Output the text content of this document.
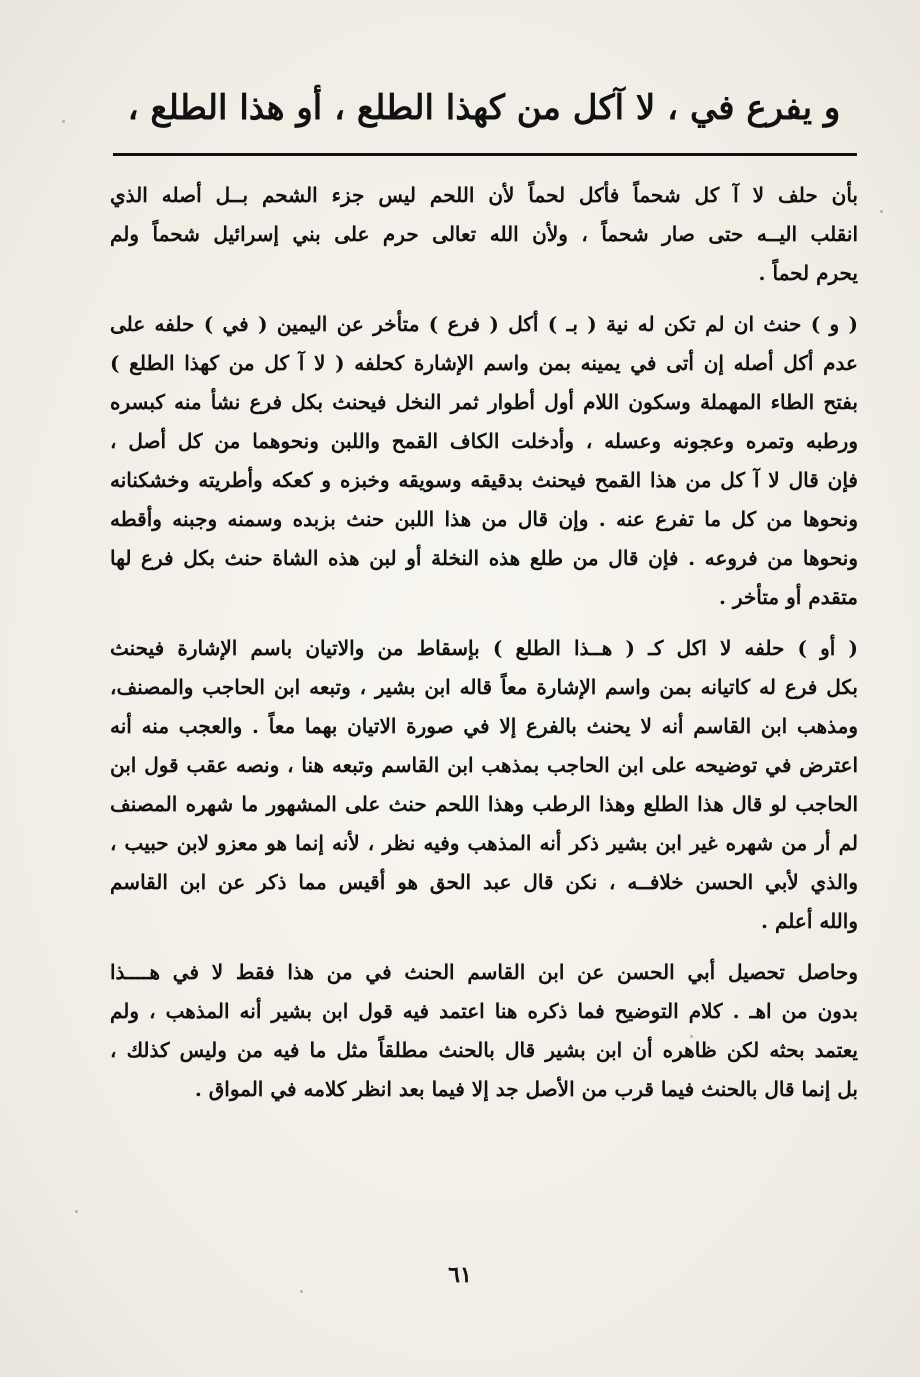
و يفرع في ، لا آكل من كهذا الطلع ، أو هذا الطلع ،
بأن حلف لا آ كل شحماً فأكل لحماً لأن اللحم ليس جزء الشحم بــل أصله الذي
انقلب اليــه حتى صار شحماً ، ولأن الله تعالى حرم على بني إسرائيل شحماً ولم
يحرم لحماً .
( و ) حنث ان لم تكن له نية ( بـ ) أكل ( فرع ) متأخر عن اليمين ( في ) حلفه على
عدم أكل أصله إن أتى في يمينه بمن واسم الإشارة كحلفه ( لا آ كل من كهذا الطلع )
بفتح الطاء المهملة وسكون اللام أول أطوار ثمر النخل فيحنث بكل فرع نشأ منه كبسره
ورطبه وتمره وعجونه وعسله ، وأدخلت الكاف القمح واللبن ونحوهما من كل أصل ،
فإن قال لا آ كل من هذا القمح فيحنث بدقيقه وسويقه وخبزه و كعكه وأطريته وخشكنانه
ونحوها من كل ما تفرع عنه . وإن قال من هذا اللبن حنث بزبده وسمنه وجبنه وأقطه
ونحوها من فروعه . فإن قال من طلع هذه النخلة أو لبن هذه الشاة حنث بكل فرع لها
متقدم أو متأخر .
( أو ) حلفه لا اكل كـ ( هــذا الطلع ) بإسقاط من والاتيان باسم الإشارة فيحنث
بكل فرع له كاتيانه بمن واسم الإشارة معاً قاله ابن بشير ، وتبعه ابن الحاجب والمصنف،
ومذهب ابن القاسم أنه لا يحنث بالفرع إلا في صورة الاتيان بهما معاً . والعجب منه أنه
اعترض في توضيحه على ابن الحاجب بمذهب ابن القاسم وتبعه هنا ، ونصه عقب قول ابن
الحاجب لو قال هذا الطلع وهذا الرطب وهذا اللحم حنث على المشهور ما شهره المصنف
لم أر من شهره غير ابن بشير ذكر أنه المذهب وفيه نظر ، لأنه إنما هو معزو لابن حبيب ،
والذي لأبي الحسن خلافــه ، نكن قال عبد الحق هو أقيس مما ذكر عن ابن القاسم
والله أعلم .
وحاصل تحصيل أبي الحسن عن ابن القاسم الحنث في من هذا فقط لا في هــــذا
بدون من اهـ . كلام التوضيح فما ذكره هنا اعتمد فيه قول ابن بشير أنه المذهب ، ولم
يعتمد بحثه لكن ظاهره أن ابن بشير قال بالحنث مطلقاً مثل ما فيه من وليس كذلك ،
بل إنما قال بالحنث فيما قرب من الأصل جد إلا فيما بعد انظر كلامه في المواق .
٦١
